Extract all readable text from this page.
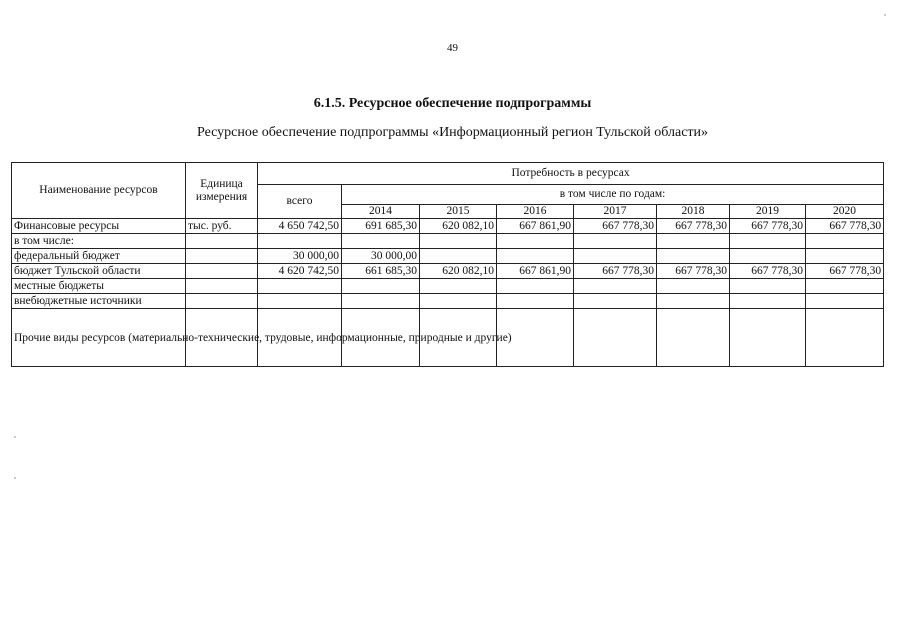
49
6.1.5. Ресурсное обеспечение подпрограммы
Ресурсное обеспечение подпрограммы «Информационный регион Тульской области»
Наименование ресурсов	Единица измерения	Потребность в ресурсах							
		всего	в том числе по годам:						
			2014	2015	2016	2017	2018	2019	2020
Финансовые ресурсы	тыс. руб.	4 650 742,50	691 685,30	620 082,10	667 861,90	667 778,30	667 778,30	667 778,30	667 778,30
в том числе:									
федеральный бюджет		30 000,00	30 000,00						
бюджет Тульской области		4 620 742,50	661 685,30	620 082,10	667 861,90	667 778,30	667 778,30	667 778,30	667 778,30
местные бюджеты									
внебюджетные источники									
Прочие виды ресурсов (материально-технические, трудовые, информационные, природные и другие)									
